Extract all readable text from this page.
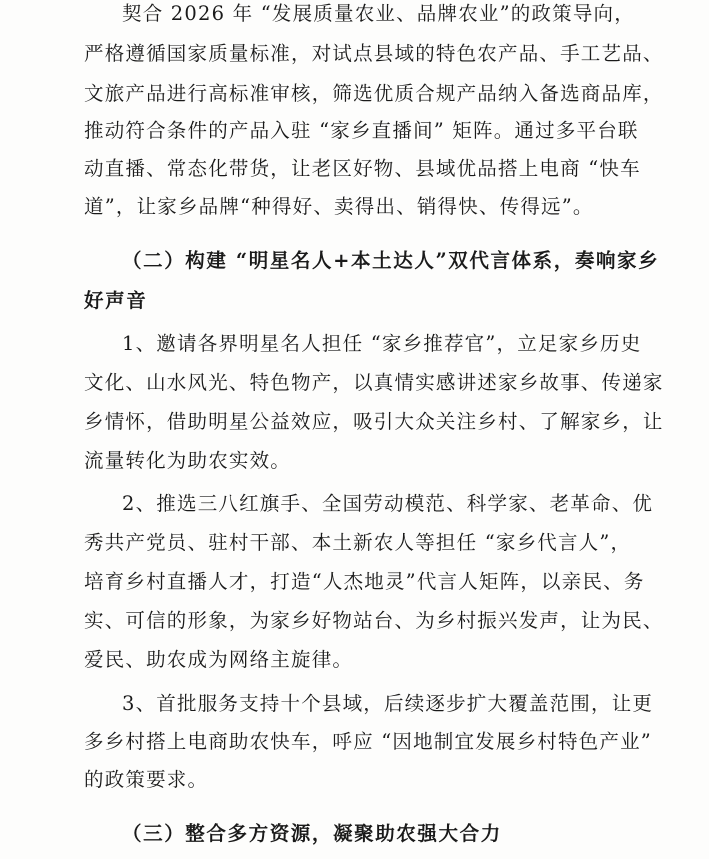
契合 2026 年 “发展质量农业、品牌农业”的政策导向，
严格遵循国家质量标准，对试点县域的特色农产品、手工艺品、
文旅产品进行高标准审核，筛选优质合规产品纳入备选商品库，
推动符合条件的产品入驻 “家乡直播间” 矩阵。通过多平台联
动直播、常态化带货，让老区好物、县域优品搭上电商 “快车
道”，让家乡品牌“种得好、卖得出、销得快、传得远”。
（二）构建 “明星名人+本土达人”双代言体系，奏响家乡
好声音
1、邀请各界明星名人担任 “家乡推荐官”，立足家乡历史
文化、山水风光、特色物产，以真情实感讲述家乡故事、传递家
乡情怀，借助明星公益效应，吸引大众关注乡村、了解家乡，让
流量转化为助农实效。
2、推选三八红旗手、全国劳动模范、科学家、老革命、优
秀共产党员、驻村干部、本土新农人等担任 “家乡代言人”，
培育乡村直播人才，打造“人杰地灵”代言人矩阵，以亲民、务
实、可信的形象，为家乡好物站台、为乡村振兴发声，让为民、
爱民、助农成为网络主旋律。
3、首批服务支持十个县域，后续逐步扩大覆盖范围，让更
多乡村搭上电商助农快车，呼应 “因地制宜发展乡村特色产业”
的政策要求。
（三）整合多方资源，凝聚助农强大合力
